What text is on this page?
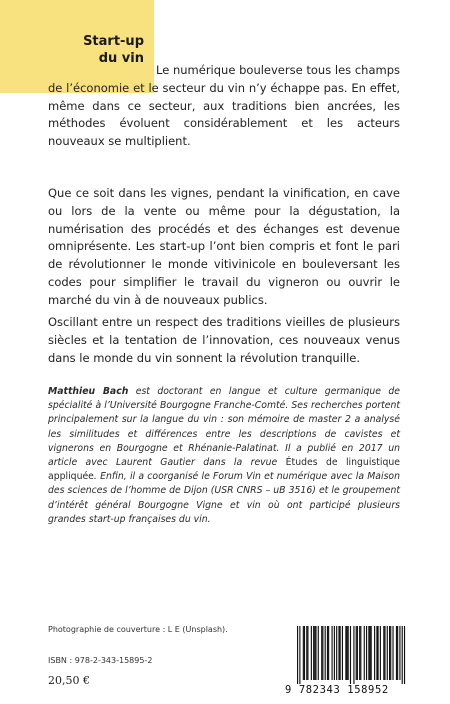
Start-up
du vin

Le numérique bouleverse tous les champs de l’économie et le secteur du vin n’y échappe pas. En effet, même dans ce secteur, aux traditions bien ancrées, les méthodes évoluent considérablement et les acteurs nouveaux se multiplient.

Que ce soit dans les vignes, pendant la vinification, en cave ou lors de la vente ou même pour la dégustation, la numérisation des procédés et des échanges est devenue omniprésente. Les start-up l’ont bien compris et font le pari de révolutionner le monde vitivinicole en bouleversant les codes pour simplifier le travail du vigneron ou ouvrir le marché du vin à de nouveaux publics.

Oscillant entre un respect des traditions vieilles de plusieurs siècles et la tentation de l’innovation, ces nouveaux venus dans le monde du vin sonnent la révolution tranquille.

Matthieu Bach est doctorant en langue et culture germanique de spécialité à l’Université Bourgogne Franche-Comté. Ses recherches portent principalement sur la langue du vin : son mémoire de master 2 a analysé les similitudes et différences entre les descriptions de cavistes et vignerons en Bourgogne et Rhénanie-Palatinat. Il a publié en 2017 un article avec Laurent Gautier dans la revue Études de linguistique appliquée. Enfin, il a coorganisé le Forum Vin et numérique avec la Maison des sciences de l’homme de Dijon (USR CNRS – uB 3516) et le groupement d’intérêt général Bourgogne Vigne et vin où ont participé plusieurs grandes start-up françaises du vin.

Photographie de couverture : L E (Unsplash).
ISBN : 978-2-343-15895-2
20,50 €
9 782343 158952
